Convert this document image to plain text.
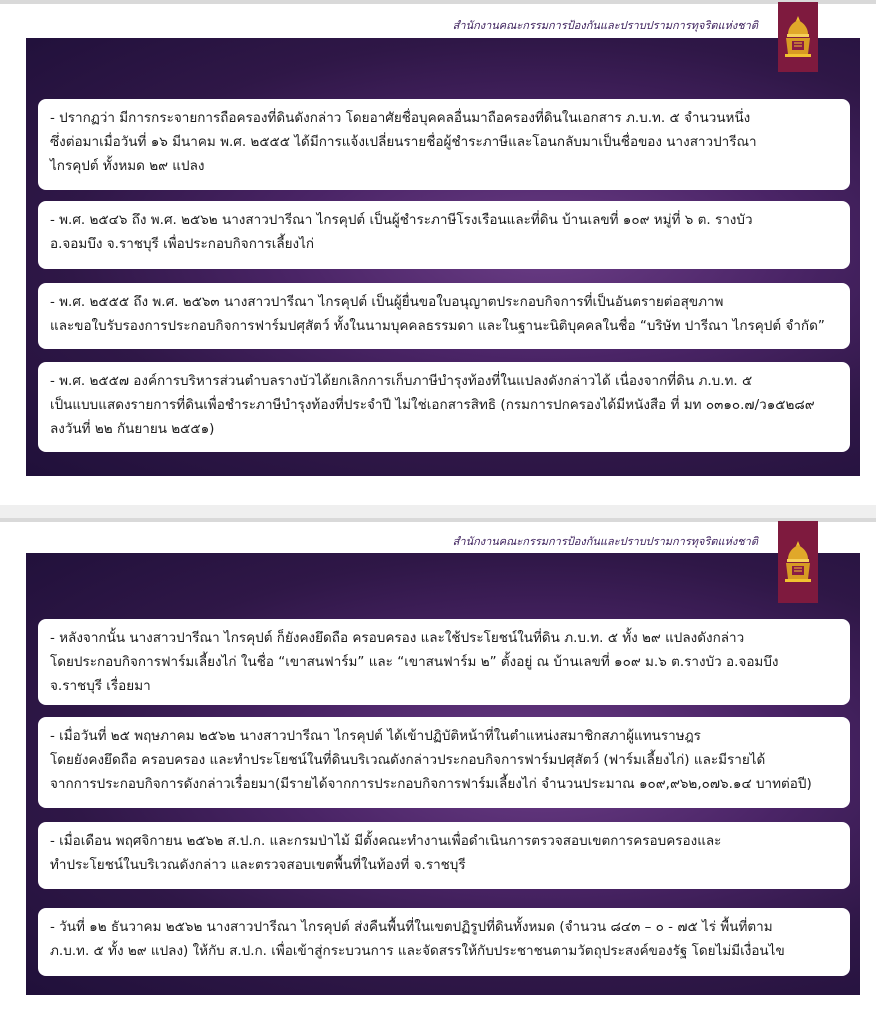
สำนักงานคณะกรรมการป้องกันและปราบปรามการทุจริตแห่งชาติ
- ปรากฏว่า มีการกระจายการถือครองที่ดินดังกล่าว โดยอาศัยชื่อบุคคลอื่นมาถือครองที่ดินในเอกสาร ภ.บ.ท. ๕ จำนวนหนึ่ง
ซึ่งต่อมาเมื่อวันที่ ๑๖ มีนาคม พ.ศ. ๒๕๕๕ ได้มีการแจ้งเปลี่ยนรายชื่อผู้ชำระภาษีและโอนกลับมาเป็นชื่อของ นางสาวปารีณา
ไกรคุปต์ ทั้งหมด ๒๙ แปลง
- พ.ศ. ๒๕๔๖ ถึง พ.ศ. ๒๕๖๒ นางสาวปารีณา ไกรคุปต์ เป็นผู้ชำระภาษีโรงเรือนและที่ดิน บ้านเลขที่ ๑๐๙ หมู่ที่ ๖ ต. รางบัว
อ.จอมบึง จ.ราชบุรี เพื่อประกอบกิจการเลี้ยงไก่
- พ.ศ. ๒๕๕๕ ถึง พ.ศ. ๒๕๖๓ นางสาวปารีณา ไกรคุปต์ เป็นผู้ยื่นขอใบอนุญาตประกอบกิจการที่เป็นอันตรายต่อสุขภาพ
และขอใบรับรองการประกอบกิจการฟาร์มปศุสัตว์ ทั้งในนามบุคคลธรรมดา และในฐานะนิติบุคคลในชื่อ “บริษัท ปารีณา ไกรคุปต์ จำกัด”
- พ.ศ. ๒๕๕๗ องค์การบริหารส่วนตำบลรางบัวได้ยกเลิกการเก็บภาษีบำรุงท้องที่ในแปลงดังกล่าวได้ เนื่องจากที่ดิน ภ.บ.ท. ๕
เป็นแบบแสดงรายการที่ดินเพื่อชำระภาษีบำรุงท้องที่ประจำปี ไม่ใช่เอกสารสิทธิ (กรมการปกครองได้มีหนังสือ ที่ มท ๐๓๑๐.๗/ว๑๕๒๘๙
ลงวันที่ ๒๒ กันยายน ๒๕๕๑)
สำนักงานคณะกรรมการป้องกันและปราบปรามการทุจริตแห่งชาติ
- หลังจากนั้น นางสาวปารีณา ไกรคุปต์ ก็ยังคงยึดถือ ครอบครอง และใช้ประโยชน์ในที่ดิน ภ.บ.ท. ๕ ทั้ง ๒๙ แปลงดังกล่าว
โดยประกอบกิจการฟาร์มเลี้ยงไก่ ในชื่อ “เขาสนฟาร์ม” และ “เขาสนฟาร์ม ๒” ตั้งอยู่ ณ บ้านเลขที่ ๑๐๙ ม.๖ ต.รางบัว อ.จอมบึง
จ.ราชบุรี เรื่อยมา
- เมื่อวันที่ ๒๕ พฤษภาคม ๒๕๖๒ นางสาวปารีณา ไกรคุปต์ ได้เข้าปฏิบัติหน้าที่ในตำแหน่งสมาชิกสภาผู้แทนราษฎร
โดยยังคงยึดถือ ครอบครอง และทำประโยชน์ในที่ดินบริเวณดังกล่าวประกอบกิจการฟาร์มปศุสัตว์ (ฟาร์มเลี้ยงไก่) และมีรายได้
จากการประกอบกิจการดังกล่าวเรื่อยมา(มีรายได้จากการประกอบกิจการฟาร์มเลี้ยงไก่ จำนวนประมาณ ๑๐๙,๙๖๒,๐๗๖.๑๔ บาทต่อปี)
- เมื่อเดือน พฤศจิกายน ๒๕๖๒ ส.ป.ก. และกรมป่าไม้ มีตั้งคณะทำงานเพื่อดำเนินการตรวจสอบเขตการครอบครองและ
ทำประโยชน์ในบริเวณดังกล่าว และตรวจสอบเขตพื้นที่ในท้องที่ จ.ราชบุรี
- วันที่ ๑๒ ธันวาคม ๒๕๖๒ นางสาวปารีณา ไกรคุปต์ ส่งคืนพื้นที่ในเขตปฏิรูปที่ดินทั้งหมด (จำนวน ๘๔๓ – ๐ - ๗๕ ไร่ พื้นที่ตาม
ภ.บ.ท. ๕ ทั้ง ๒๙ แปลง) ให้กับ ส.ป.ก. เพื่อเข้าสู่กระบวนการ และจัดสรรให้กับประชาชนตามวัตถุประสงค์ของรัฐ โดยไม่มีเงื่อนไข
